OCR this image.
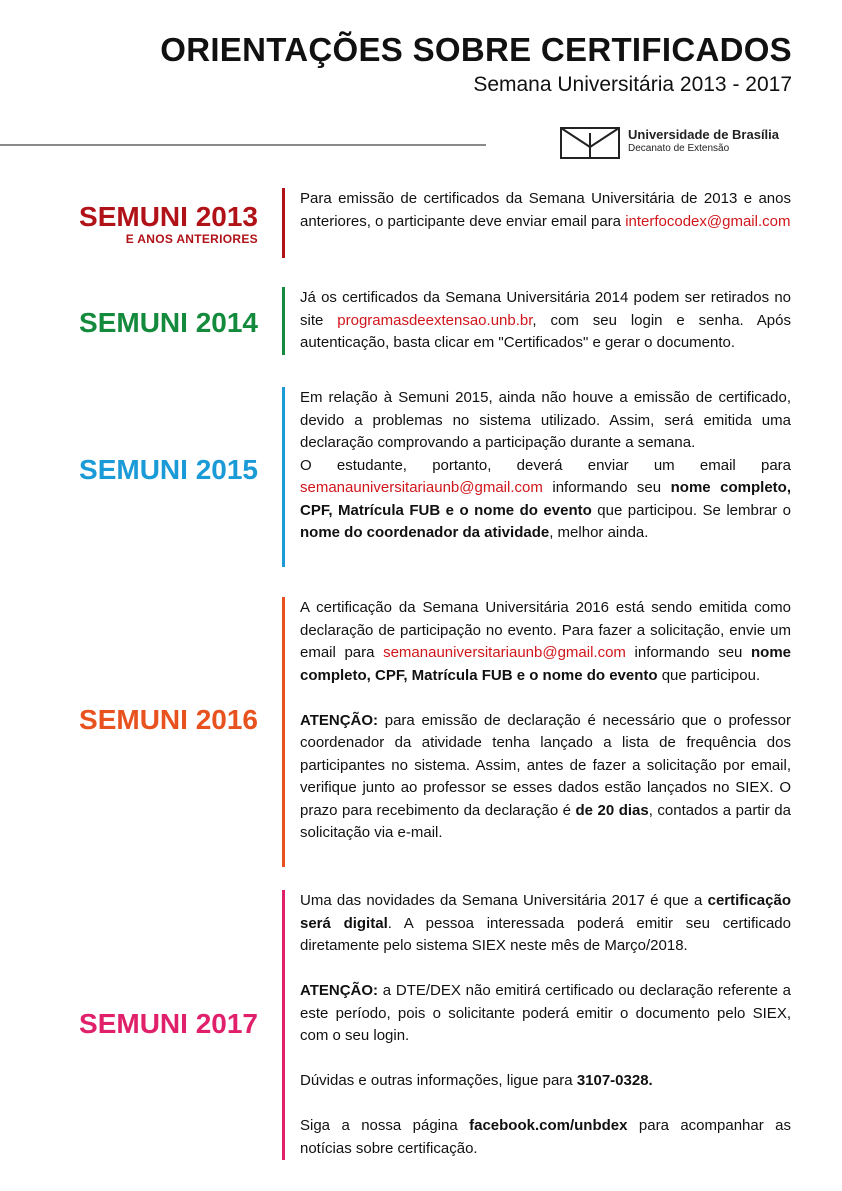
ORIENTAÇÕES SOBRE CERTIFICADOS
Semana Universitária 2013 - 2017
Universidade de Brasília
Decanato de Extensão
SEMUNI 2013
E ANOS ANTERIORES

Para emissão de certificados da Semana Universitária de 2013 e anos anteriores, o participante deve enviar email para interfocodex@gmail.com

SEMUNI 2014

Já os certificados da Semana Universitária 2014 podem ser retirados no site programasdeextensao.unb.br, com seu login e senha. Após autenticação, basta clicar em "Certificados" e gerar o documento.

SEMUNI 2015

Em relação à Semuni 2015, ainda não houve a emissão de certificado, devido a problemas no sistema utilizado. Assim, será emitida uma declaração comprovando a participação durante a semana.

O estudante, portanto, deverá enviar um email para semanauniversitariaunb@gmail.com informando seu nome completo, CPF, Matrícula FUB e o nome do evento que participou. Se lembrar o nome do coordenador da atividade, melhor ainda.

SEMUNI 2016

A certificação da Semana Universitária 2016 está sendo emitida como declaração de participação no evento. Para fazer a solicitação, envie um email para semanauniversitariaunb@gmail.com informando seu nome completo, CPF, Matrícula FUB e o nome do evento que participou.

ATENÇÃO: para emissão de declaração é necessário que o professor coordenador da atividade tenha lançado a lista de frequência dos participantes no sistema. Assim, antes de fazer a solicitação por email, verifique junto ao professor se esses dados estão lançados no SIEX. O prazo para recebimento da declaração é de 20 dias, contados a partir da solicitação via e-mail.

SEMUNI 2017

Uma das novidades da Semana Universitária 2017 é que a certificação será digital. A pessoa interessada poderá emitir seu certificado diretamente pelo sistema SIEX neste mês de Março/2018.

ATENÇÃO: a DTE/DEX não emitirá certificado ou declaração referente a este período, pois o solicitante poderá emitir o documento pelo SIEX, com o seu login.

Dúvidas e outras informações, ligue para 3107-0328.

Siga a nossa página facebook.com/unbdex para acompanhar as notícias sobre certificação.
